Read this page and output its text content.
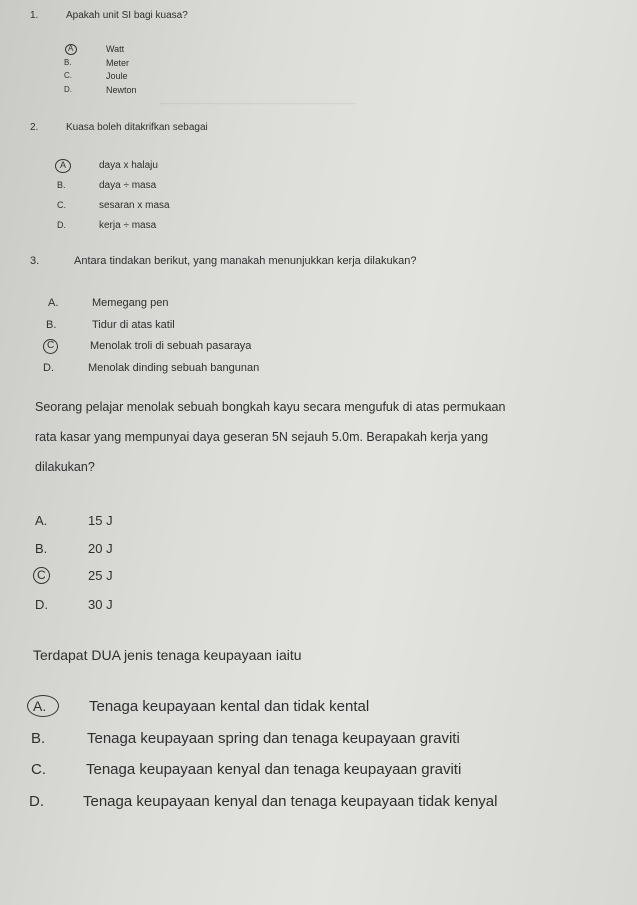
1.	Apakah unit SI bagi kuasa?
A	Watt
B.	Meter
C.	Joule
D.	Newton
___________________________________
2.	Kuasa boleh ditakrifkan sebagai
A	daya x halaju
B.	daya ÷ masa
C.	sesaran x masa
D.	kerja ÷ masa
3.	Antara tindakan berikut, yang manakah menunjukkan kerja dilakukan?
A.	Memegang pen
B.	Tidur di atas katil
C	Menolak troli di sebuah pasaraya
D.	Menolak dinding sebuah bangunan
Seorang pelajar menolak sebuah bongkah kayu secara mengufuk di atas permukaan
rata kasar yang mempunyai daya geseran 5N sejauh 5.0m. Berapakah kerja yang
dilakukan?
A.	15 J
B.	20 J
C	25 J
D.	30 J
Terdapat DUA jenis tenaga keupayaan iaitu
A.	Tenaga keupayaan kental dan tidak kental
B.	Tenaga keupayaan spring dan tenaga keupayaan graviti
C.	Tenaga keupayaan kenyal dan tenaga keupayaan graviti
D.	Tenaga keupayaan kenyal dan tenaga keupayaan tidak kenyal
